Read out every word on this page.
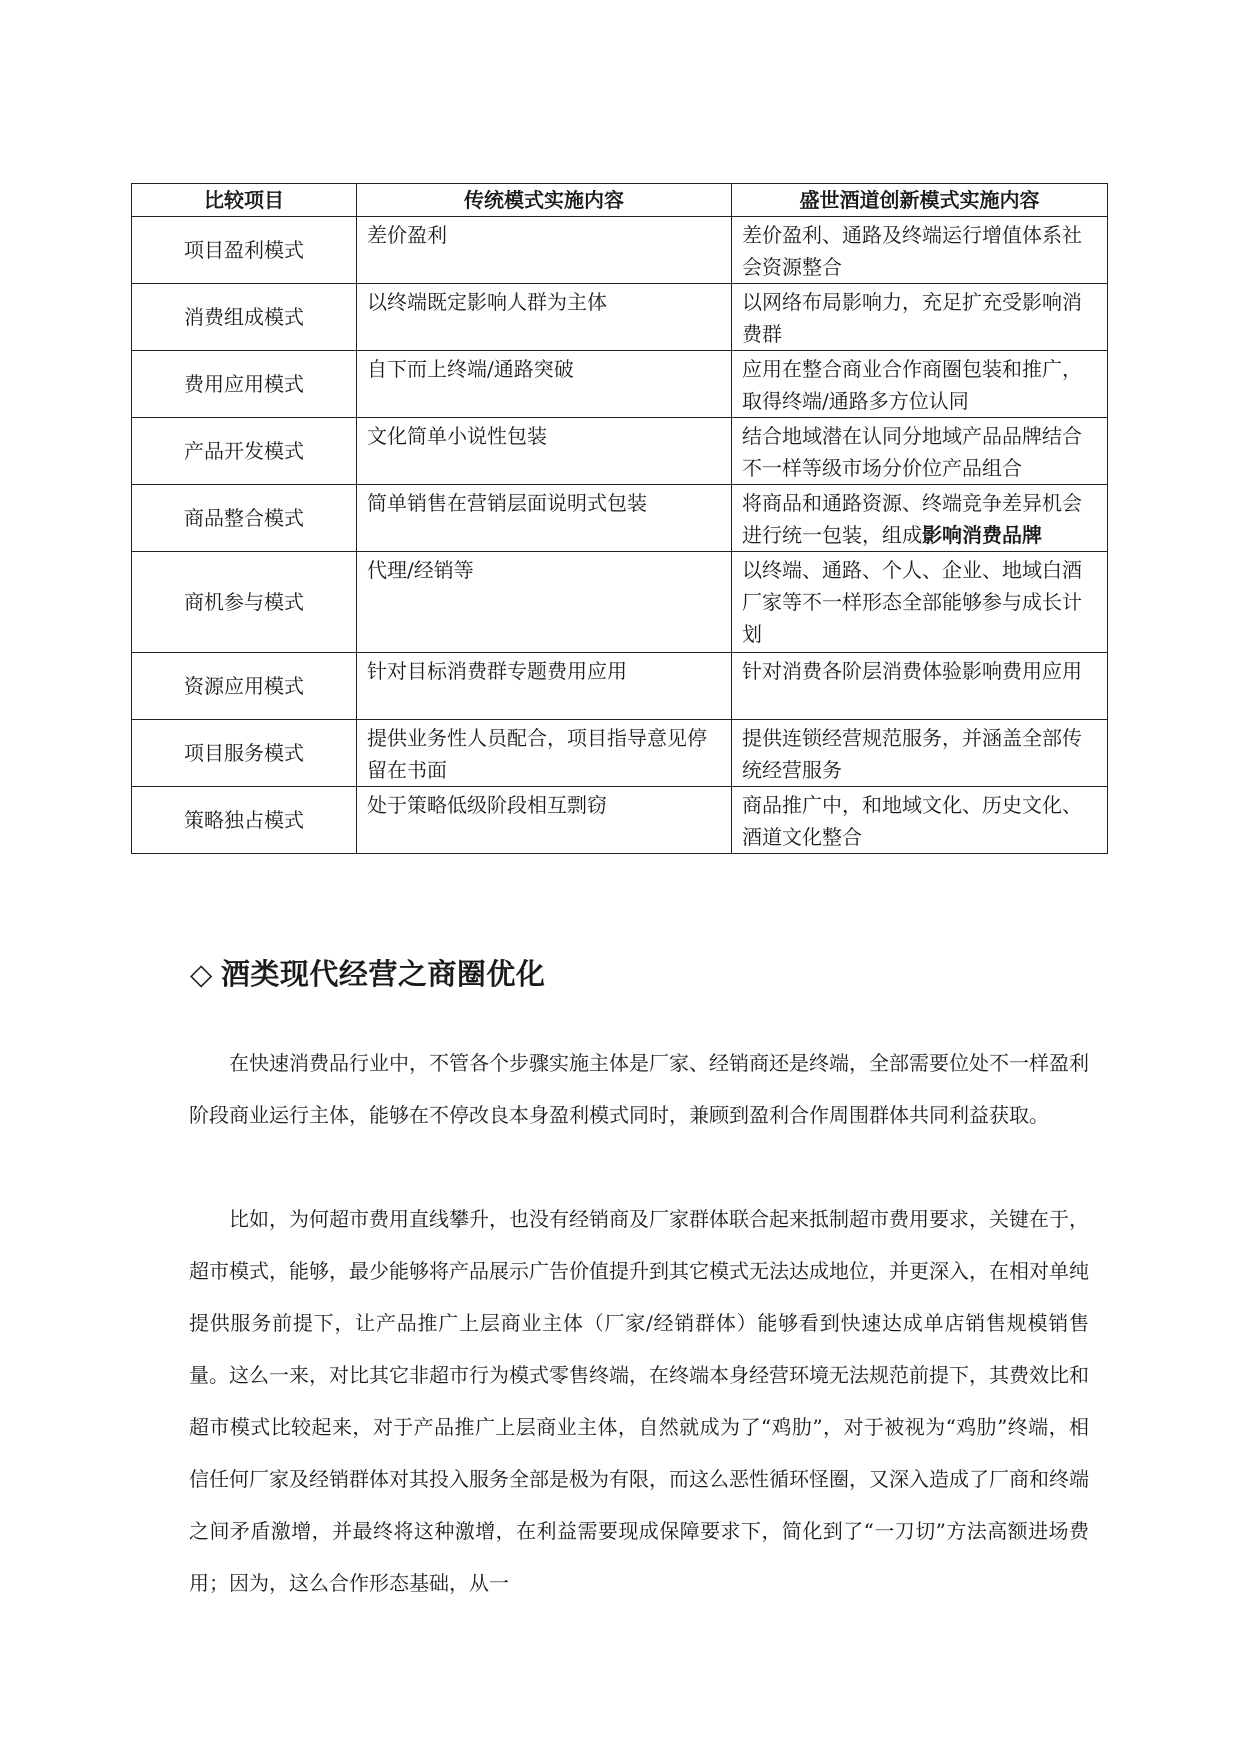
比较项目	传统模式实施内容	盛世酒道创新模式实施内容
项目盈利模式	差价盈利	差价盈利、通路及终端运行增值体系社会资源整合
消费组成模式	以终端既定影响人群为主体	以网络布局影响力，充足扩充受影响消费群
费用应用模式	自下而上终端/通路突破	应用在整合商业合作商圈包装和推广，取得终端/通路多方位认同
产品开发模式	文化简单小说性包装	结合地域潜在认同分地域产品品牌结合不一样等级市场分价位产品组合
商品整合模式	简单销售在营销层面说明式包装	将商品和通路资源、终端竞争差异机会进行统一包装，组成影响消费品牌
商机参与模式	代理/经销等	以终端、通路、个人、企业、地域白酒厂家等不一样形态全部能够参与成长计划
资源应用模式	针对目标消费群专题费用应用	针对消费各阶层消费体验影响费用应用
项目服务模式	提供业务性人员配合，项目指导意见停留在书面	提供连锁经营规范服务，并涵盖全部传统经营服务
策略独占模式	处于策略低级阶段相互剽窃	商品推广中，和地域文化、历史文化、酒道文化整合
◇ 酒类现代经营之商圈优化

在快速消费品行业中，不管各个步骤实施主体是厂家、经销商还是终端，全部需要位处不一样盈利阶段商业运行主体，能够在不停改良本身盈利模式同时，兼顾到盈利合作周围群体共同利益获取。

比如，为何超市费用直线攀升，也没有经销商及厂家群体联合起来抵制超市费用要求，关键在于，超市模式，能够，最少能够将产品展示广告价值提升到其它模式无法达成地位，并更深入，在相对单纯提供服务前提下，让产品推广上层商业主体（厂家/经销群体）能够看到快速达成单店销售规模销售量。这么一来，对比其它非超市行为模式零售终端，在终端本身经营环境无法规范前提下，其费效比和超市模式比较起来，对于产品推广上层商业主体，自然就成为了“鸡肋”，对于被视为“鸡肋”终端，相信任何厂家及经销群体对其投入服务全部是极为有限，而这么恶性循环怪圈，又深入造成了厂商和终端之间矛盾激增，并最终将这种激增，在利益需要现成保障要求下，简化到了“一刀切”方法高额进场费用；因为，这么合作形态基础，从一
